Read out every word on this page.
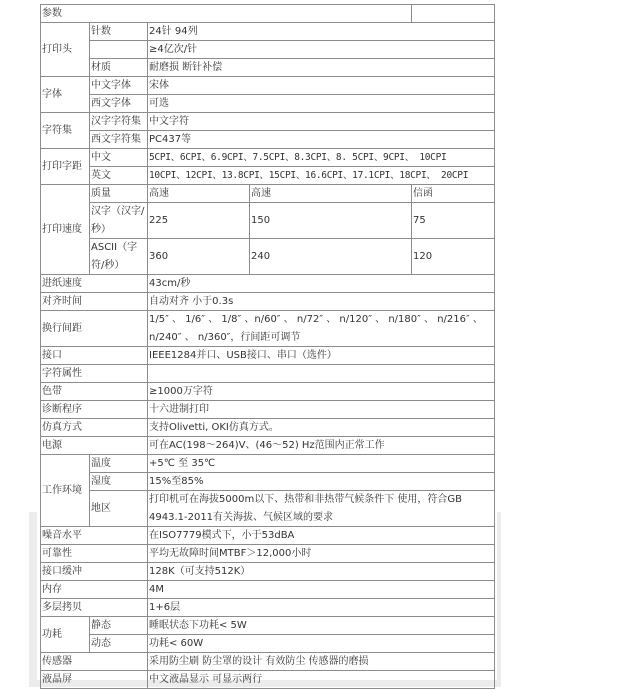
参数				
打印头	针数	24针 94列		
		≥4亿次/针		
	材质	耐磨损 断针补偿		
字体	中文字体	宋体		
	西文字体	可选		
字符集	汉字字符集	中文字符		
	西文字符集	PC437等		
打印字距	中文	5CPI、6CPI、6.9CPI、7.5CPI、8.3CPI、8. 5CPI、9CPI、 10CPI		
	英文	10CPI、12CPI、13.8CPI、15CPI、16.6CPI、17.1CPI、18CPI、 20CPI		
打印速度	质量	高速	高速	信函
	汉字（汉字/秒）	225	150	75
	ASCII（字符/秒）	360	240	120
进纸速度		43cm/秒		
对齐时间		自动对齐 小于0.3s		
换行间距		1/5″ 、 1/6″ 、 1/8″ 、n/60″ 、 n/72″ 、 n/120″ 、 n/180″ 、 n/216″ 、 n/240″ 、 n/360″，行间距可调节		
接口		IEEE1284并口、USB接口、串口（选件）		
字符属性				
色带		≥1000万字符		
诊断程序		十六进制打印		
仿真方式		支持Olivetti, OKI仿真方式。		
电源		可在AC(198～264)V、(46～52) Hz范围内正常工作		
工作环境	温度	+5℃ 至 35℃		
	湿度	15%至85%		
	地区	打印机可在海拔5000m以下、热带和非热带气候条件下 使用，符合GB 4943.1-2011有关海拔、气候区域的要求		
噪音水平		在ISO7779模式下，小于53dBA		
可靠性		平均无故障时间MTBF＞12,000小时		
接口缓冲		128K（可支持512K）		
内存		4M		
多层拷贝		1+6层		
功耗	静态	睡眠状态下功耗< 5W		
	动态	功耗< 60W		
传感器		采用防尘刷 防尘罩的设计 有效防尘 传感器的磨损		
液晶屏		中文液晶显示 可显示两行		
